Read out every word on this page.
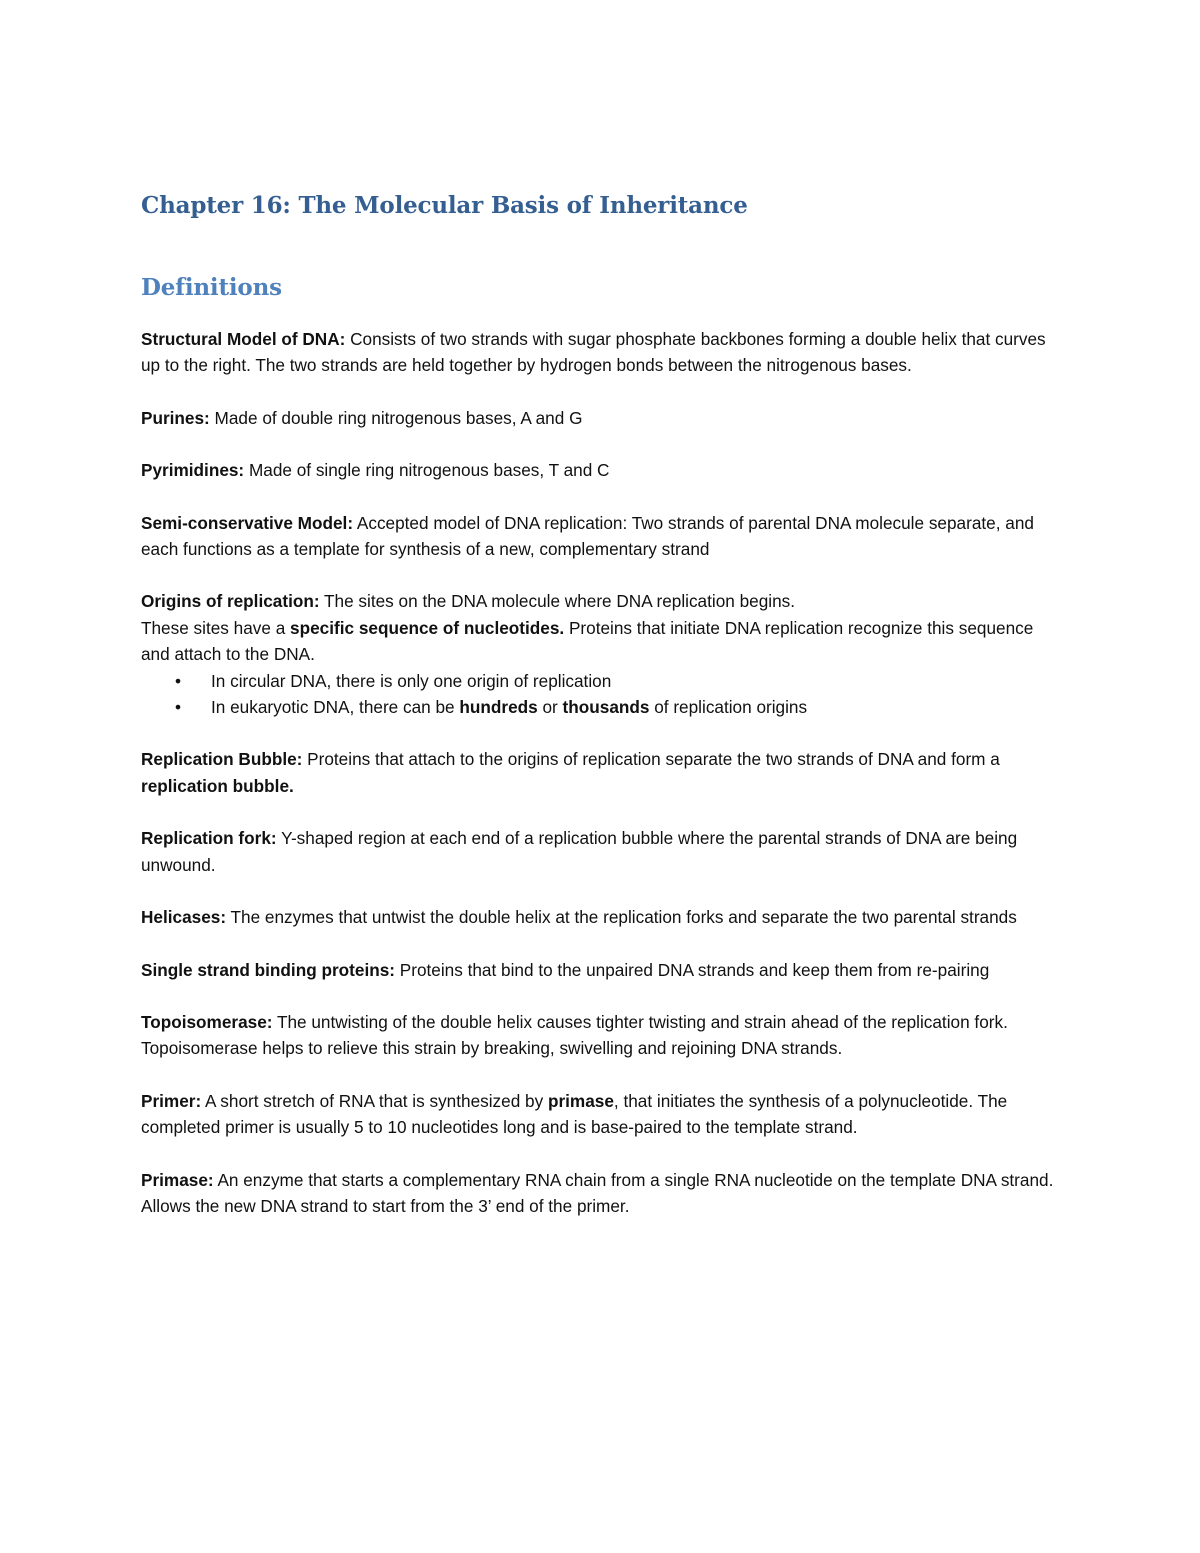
Chapter 16: The Molecular Basis of Inheritance
Definitions

Structural Model of DNA: Consists of two strands with sugar phosphate backbones forming a double helix that curves up to the right. The two strands are held together by hydrogen bonds between the nitrogenous bases.

Purines: Made of double ring nitrogenous bases, A and G

Pyrimidines: Made of single ring nitrogenous bases, T and C

Semi-conservative Model: Accepted model of DNA replication: Two strands of parental DNA molecule separate, and each functions as a template for synthesis of a new, complementary strand

Origins of replication: The sites on the DNA molecule where DNA replication begins.
These sites have a specific sequence of nucleotides. Proteins that initiate DNA replication recognize this sequence and attach to the DNA.
• In circular DNA, there is only one origin of replication
• In eukaryotic DNA, there can be hundreds or thousands of replication origins

Replication Bubble: Proteins that attach to the origins of replication separate the two strands of DNA and form a replication bubble.

Replication fork: Y-shaped region at each end of a replication bubble where the parental strands of DNA are being unwound.

Helicases: The enzymes that untwist the double helix at the replication forks and separate the two parental strands

Single strand binding proteins: Proteins that bind to the unpaired DNA strands and keep them from re-pairing

Topoisomerase: The untwisting of the double helix causes tighter twisting and strain ahead of the replication fork. Topoisomerase helps to relieve this strain by breaking, swivelling and rejoining DNA strands.

Primer: A short stretch of RNA that is synthesized by primase, that initiates the synthesis of a polynucleotide. The completed primer is usually 5 to 10 nucleotides long and is base-paired to the template strand.

Primase: An enzyme that starts a complementary RNA chain from a single RNA nucleotide on the template DNA strand. Allows the new DNA strand to start from the 3’ end of the primer.
